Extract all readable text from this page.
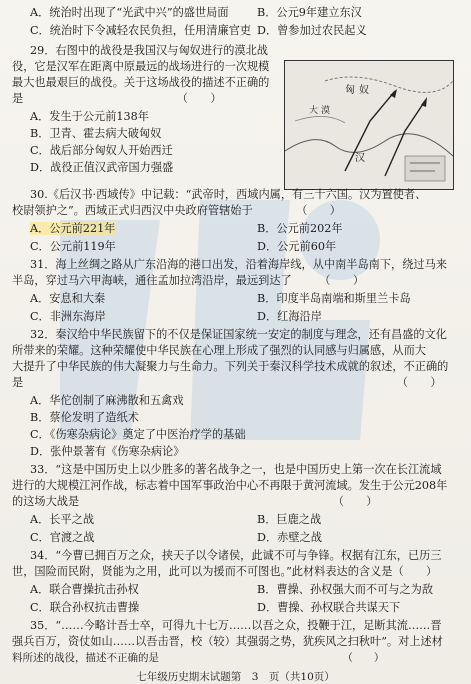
A．统治时出现了“光武中兴”的盛世局面	B．公元9年建立东汉
C．统治时下令减轻农民负担，任用清廉官吏 D．曾参加过农民起义
29．右图中的战役是我国汉与匈奴进行的漠北战
役，它是汉军在距离中原最远的战场进行的一次规模
最大也最艰巨的战役。关于这场战役的描述不正确的
是	（　　）
A．发生于公元前138年
B．卫青、霍去病大破匈奴
C．战后部分匈奴人开始西迁
D．战役正值汉武帝国力强盛
匈 奴
大 漠
汉
30.《后汉书·西域传》中记载：“武帝时，西域内属，有三十六国。汉为置使者、
校尉领护之”。西域正式归西汉中央政府管辖始于	（　　）
A．公元前221年	B．公元前202年
C．公元前119年	D．公元前60年
31．海上丝绸之路从广东沿海的港口出发，沿着海岸线，从中南半岛南下，绕过马来
半岛，穿过马六甲海峡，通往孟加拉湾沿岸，最远到达了 （　　）
A．安息和大秦	B．印度半岛南端和斯里兰卡岛
C．非洲东海岸	D．红海沿岸
32．秦汉给中华民族留下的不仅是保证国家统一安定的制度与理念，还有昌盛的文化
所带来的荣耀。这种荣耀使中华民族在心理上形成了强烈的认同感与归属感，从而大
大提升了中华民族的伟大凝聚力与生命力。下列关于秦汉科学技术成就的叙述，不正确的
是	（　　）
A．华佗创制了麻沸散和五禽戏
B．蔡伦发明了造纸术
C．《伤寒杂病论》奠定了中医治疗学的基础
D．张仲景著有《伤寒杂病论》
33．“这是中国历史上以少胜多的著名战争之一，也是中国历史上第一次在长江流域
进行的大规模江河作战，标志着中国军事政治中心不再限于黄河流域。发生于公元208年
的这场大战是	（　　）
A．长平之战	B．巨鹿之战
C．官渡之战	D．赤壁之战
34．“今曹已拥百万之众，挟天子以令诸侯，此诚不可与争锋。权据有江东，已历三
世，国险而民附，贤能为之用，此可以为援而不可图也。”此材料表达的含义是（　　）
A．联合曹操抗击孙权	B．曹操、孙权强大而不可与之为敌
C．联合孙权抗击曹操	D．曹操、孙权联合共谋天下
35．“……今略计吾士卒，可得九十七万……以吾之众，投鞭于江，足断其流……晋
强兵百万，资仗如山……以吾击晋，校（较）其强弱之势，犹疾风之扫秋叶”。对上述材
料所述的战役，描述不正确的是	（　　）
七年级历史期末试题第　3　页（共10页）
